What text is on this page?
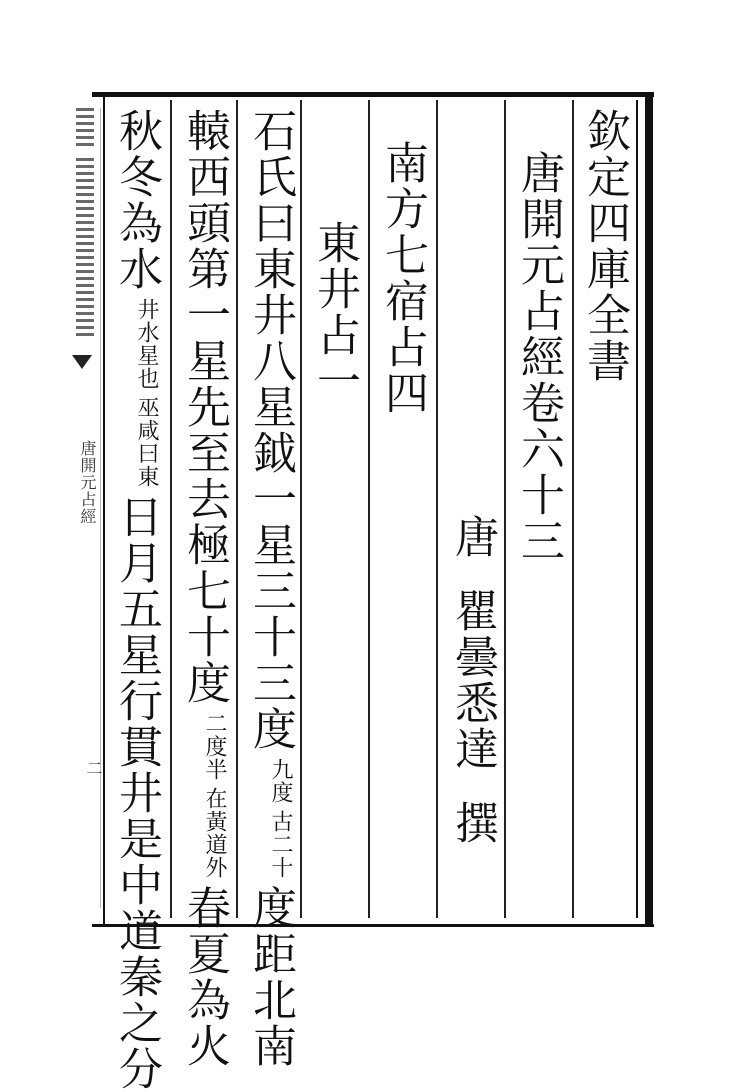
唐開元占經
二
欽定四庫全書
唐開元占經卷六十三
唐瞿曇悉達撰
南方七宿占四
東井占一
石氏曰東井八星鉞一星三十三度
古二十
九度
度距北南
轅西頭第一星先至去極七十度
在黃道外
二度半
春夏為火
秋冬為水
巫咸曰東
井水星也
日月五星行貫井是中道秦之分
